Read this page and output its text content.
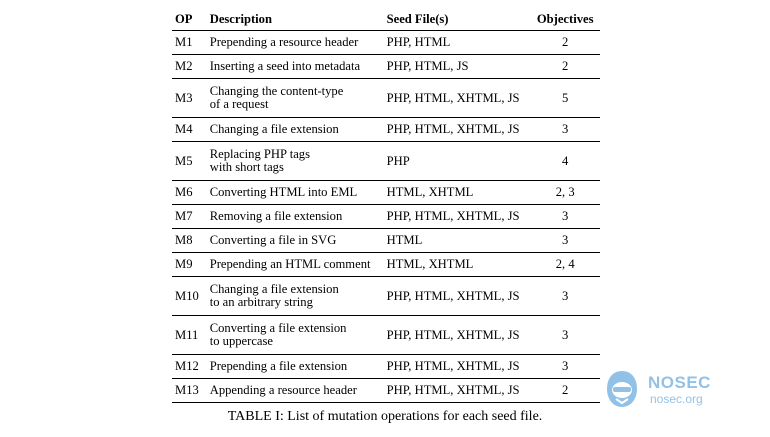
OP	Description	Seed File(s)	Objectives
M1	Prepending a resource header	PHP, HTML	2
M2	Inserting a seed into metadata	PHP, HTML, JS	2
M3	Changing the content-type
of a request	PHP, HTML, XHTML, JS	5
M4	Changing a file extension	PHP, HTML, XHTML, JS	3
M5	Replacing PHP tags
with short tags	PHP	4
M6	Converting HTML into EML	HTML, XHTML	2, 3
M7	Removing a file extension	PHP, HTML, XHTML, JS	3
M8	Converting a file in SVG	HTML	3
M9	Prepending an HTML comment	HTML, XHTML	2, 4
M10	Changing a file extension
to an arbitrary string	PHP, HTML, XHTML, JS	3
M11	Converting a file extension
to uppercase	PHP, HTML, XHTML, JS	3
M12	Prepending a file extension	PHP, HTML, XHTML, JS	3
M13	Appending a resource header	PHP, HTML, XHTML, JS	2
TABLE I: List of mutation operations for each seed file.
NOSEC
nosec.org
